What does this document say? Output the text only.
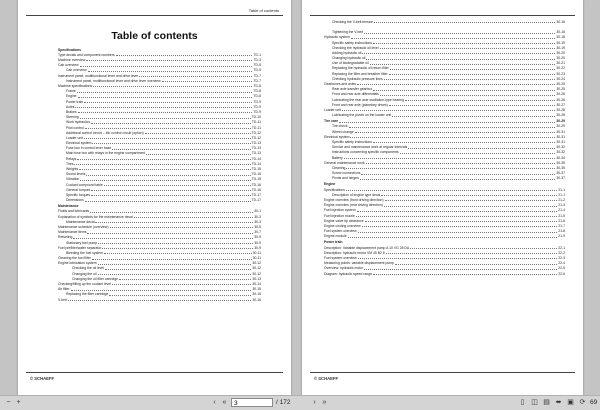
Table of contents
Table of contents
Specifications
Type decals and component numbers	TD-1
Machine overview	TD-3
Cab overview	TD-5
Cab overview	TD-5
Instrument panel, multifunctional lever and drive lever	TD-7
Instrument panel, multifunctional lever and drive lever overview	TD-7
Machine specifications	TD-8
Frame	TD-8
Engine	TD-8
Power train	TD-9
Axles	TD-9
Brakes	TD-9
Steering	TD-10
Work hydraulics	TD-11
Pilot control	TD-11
Additional control circuit – 4th control circuit (option)	TD-12
Loader unit	TD-12
Electrical system	TD-13
Fuse box in control lever base	TD-13
Main fuse box with relays in the engine compartment	TD-13
Relays	TD-14
Tires	TD-14
Weights	TD-15
Sound levels	TD-15
Vibration	TD-15
Coolant compound table	TD-16
General torques	TD-16
Specific torques	TD-17
Dimensions	TD-17
Maintenance
Fluids and lubricants	30-1
Explanation of symbols for the maintenance decal	30-3
Maintenance decal	30-3
Maintenance schedule (overview)	30-5
Maintenance items	30-7
Refueling	30-9
Stationary fuel pump	30-9
Fuel prefilter/water separator	30-9
Bleeding the fuel system	30-11
Cleaning the fuel filter	30-11
Engine lubrication system	30-12
Checking the oil level	30-12
Changing the oil	30-12
Changing the oil filter cartridge	30-13
Checking/filling up the coolant level	30-14
Air filter	30-15
Replacing the filter cartridge	30-15
V-belt	30-16
© SCHAEFF
Checking the V-belt tension	30-16
Tightening the V-belt	30-16
Hydraulic system	30-18
Specific safety instructions	30-19
Checking the hydraulic oil level	30-19
Adding hydraulic oil	30-20
Changing hydraulic oil	30-20
Use of biodegradable oil	30-21
Replacing the hydraulic oil return filter	30-22
Replacing the filter and breather filter	30-23
Checking hydraulic pressure lines	30-24
Gearboxes and axles	30-25
Rear axle transfer gearbox	30-25
Front and rear axle differentials	30-26
Lubricating the rear axle oscillation-type bearing	30-26
Front and rear axle (planetary drives)	30-27
Loader unit	30-28
Lubricating the pivots on the loader unit	30-28
Tire care	30-29
Tire check	30-29
Wheel change	30-31
Electrical system	30-31
Specific safety instructions	30-31
Service and maintenance work at regular intervals	30-32
Instructions concerning specific components	30-32
Battery	30-34
General maintenance work	30-35
Cleaning	30-35
Screw connections	30-37
Pivots and hinges	30-37
Engine
Specifications	21-1
Description of engine type decal	21-1
Engine overview (front driving direction)	21-2
Engine overview (rear driving direction)	21-3
Fuel injection system	21-4
Fuel injection nozzle	21-5
Engine valve tip clearance	21-6
Engine cooling overview	21-7
Fuel system overview	21-8
Engine module	21-9
Power train
Description: Variable displacement pump A 10 VG 28 DA	22-1
Description: hydraulic motor VM 45 B2 8	22-2
Fuel system overview	22-3
Measuring points: variable displacement pump	22-4
Overview: hydraulic motor	22-5
Diagram: hydraulic speed range	22-6
© SCHAEFF
− +	‹ «	3	/ 172	› »	▯ ◫ ▤ ⬌ ▣ ⟳ 69
